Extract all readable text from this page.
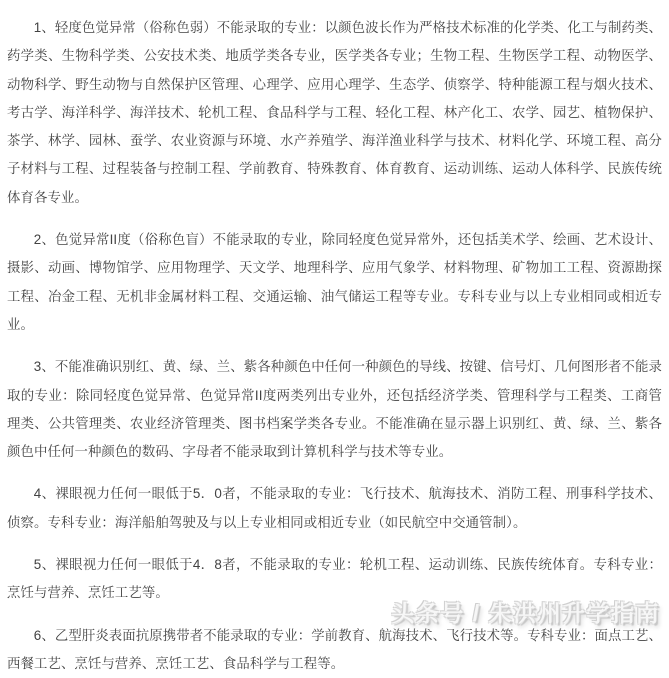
1、轻度色觉异常（俗称色弱）不能录取的专业：以颜色波长作为严格技术标准的化学类、化工与制药类、药学类、生物科学类、公安技术类、地质学类各专业，医学类各专业；生物工程、生物医学工程、动物医学、动物科学、野生动物与自然保护区管理、心理学、应用心理学、生态学、侦察学、特种能源工程与烟火技术、考古学、海洋科学、海洋技术、轮机工程、食品科学与工程、轻化工程、林产化工、农学、园艺、植物保护、茶学、林学、园林、蚕学、农业资源与环境、水产养殖学、海洋渔业科学与技术、材料化学、环境工程、高分子材料与工程、过程装备与控制工程、学前教育、特殊教育、体育教育、运动训练、运动人体科学、民族传统体育各专业。

2、色觉异常II度（俗称色盲）不能录取的专业，除同轻度色觉异常外，还包括美术学、绘画、艺术设计、摄影、动画、博物馆学、应用物理学、天文学、地理科学、应用气象学、材料物理、矿物加工工程、资源勘探工程、冶金工程、无机非金属材料工程、交通运输、油气储运工程等专业。专科专业与以上专业相同或相近专业。

3、不能准确识别红、黄、绿、兰、紫各种颜色中任何一种颜色的导线、按键、信号灯、几何图形者不能录取的专业：除同轻度色觉异常、色觉异常II度两类列出专业外，还包括经济学类、管理科学与工程类、工商管理类、公共管理类、农业经济管理类、图书档案学类各专业。不能准确在显示器上识别红、黄、绿、兰、紫各颜色中任何一种颜色的数码、字母者不能录取到计算机科学与技术等专业。

4、裸眼视力任何一眼低于5．0者，不能录取的专业：飞行技术、航海技术、消防工程、刑事科学技术、侦察。专科专业：海洋船舶驾驶及与以上专业相同或相近专业（如民航空中交通管制）。

5、裸眼视力任何一眼低于4．8者，不能录取的专业：轮机工程、运动训练、民族传统体育。专科专业：烹饪与营养、烹饪工艺等。

6、乙型肝炎表面抗原携带者不能录取的专业：学前教育、航海技术、飞行技术等。专科专业：面点工艺、西餐工艺、烹饪与营养、烹饪工艺、食品科学与工程等。

头条号 / 朱洪州升学指南
